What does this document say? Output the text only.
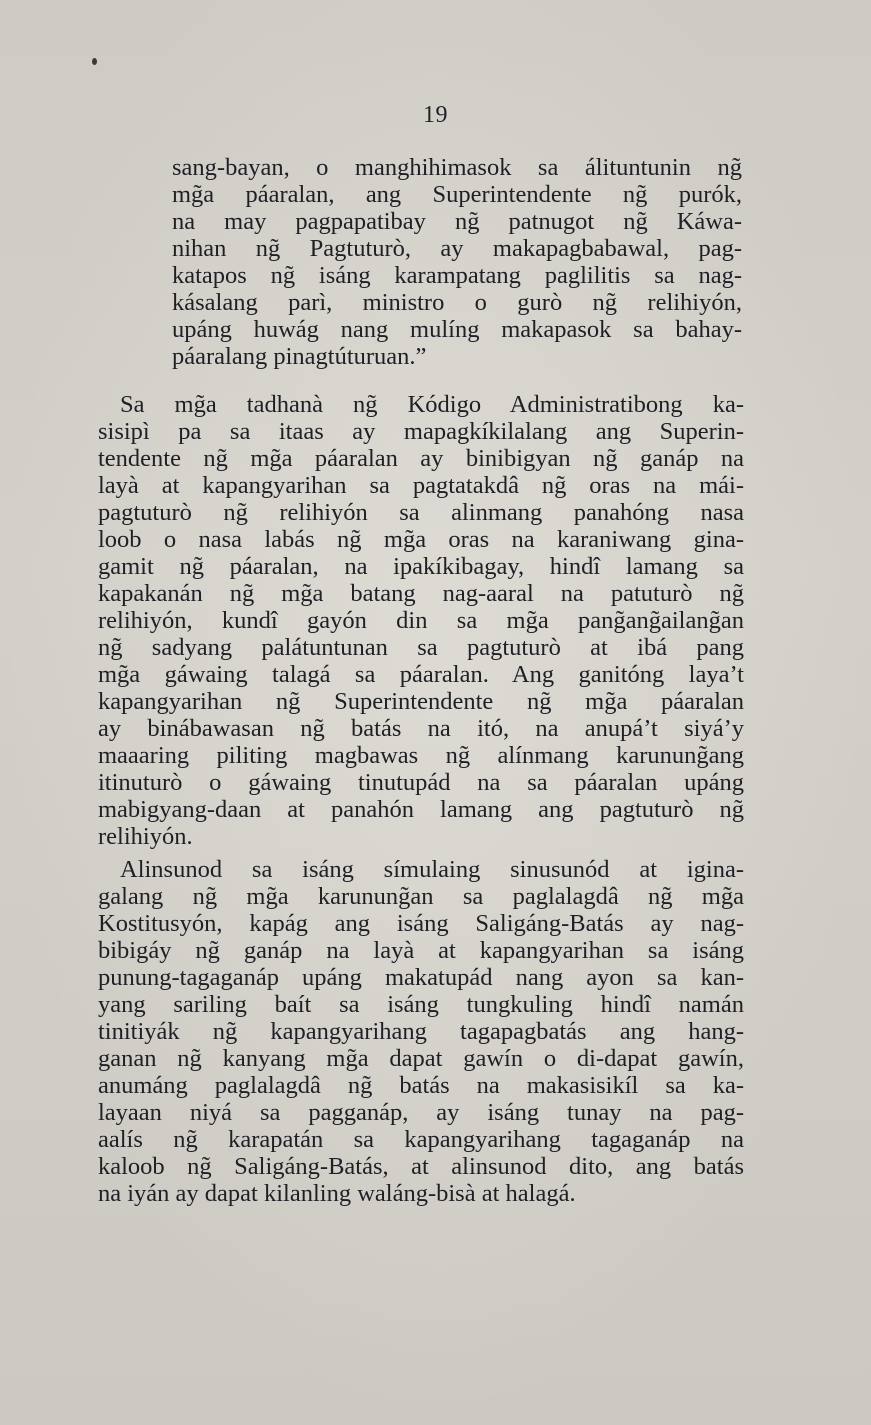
19
sang-bayan, o manghihimasok sa álituntunin ng̃
mg̃a páaralan, ang Superintendente ng̃ purók,
na may pagpapatibay ng̃ patnugot ng̃ Káwa-
nihan ng̃ Pagtuturò, ay makapagbabawal, pag-
katapos ng̃ isáng karampatang paglilitis sa nag-
kásalang parì, ministro o gurò ng̃ relihiyón,
upáng huwág nang mulíng makapasok sa bahay-
páaralang pinagtúturuan.”
Sa mg̃a tadhanà ng̃ Kódigo Administratibong ka-
sisipì pa sa itaas ay mapagkíkilalang ang Superin-
tendente ng̃ mg̃a páaralan ay binibigyan ng̃ ganáp na
layà at kapangyarihan sa pagtatakdâ ng̃ oras na mái-
pagtuturò ng̃ relihiyón sa alinmang panahóng nasa
loob o nasa labás ng̃ mg̃a oras na karaniwang gina-
gamit ng̃ páaralan, na ipakíkibagay, hindî lamang sa
kapakanán ng̃ mg̃a batang nag-aaral na patuturò ng̃
relihiyón, kundî gayón din sa mg̃a pang̃ang̃ailang̃an
ng̃ sadyang palátuntunan sa pagtuturò at ibá pang
mg̃a gáwaing talagá sa páaralan. Ang ganitóng laya’t
kapangyarihan ng̃ Superintendente ng̃ mg̃a páaralan
ay binábawasan ng̃ batás na itó, na anupá’t siyá’y
maaaring piliting magbawas ng̃ alínmang karunung̃ang
itinuturò o gáwaing tinutupád na sa páaralan upáng
mabigyang-daan at panahón lamang ang pagtuturò ng̃
relihiyón.
Alinsunod sa isáng símulaing sinusunód at igina-
galang ng̃ mg̃a karunung̃an sa paglalagdâ ng̃ mg̃a
Kostitusyón, kapág ang isáng Saligáng-Batás ay nag-
bibigáy ng̃ ganáp na layà at kapangyarihan sa isáng
punung-tagaganáp upáng makatupád nang ayon sa kan-
yang sariling baít sa isáng tungkuling hindî namán
tinitiyák ng̃ kapangyarihang tagapagbatás ang hang-
ganan ng̃ kanyang mg̃a dapat gawín o di-dapat gawín,
anumáng paglalagdâ ng̃ batás na makasisikíl sa ka-
layaan niyá sa pagganáp, ay isáng tunay na pag-
aalís ng̃ karapatán sa kapangyarihang tagaganáp na
kaloob ng̃ Saligáng-Batás, at alinsunod dito, ang batás
na iyán ay dapat kilanling waláng-bisà at halagá.
